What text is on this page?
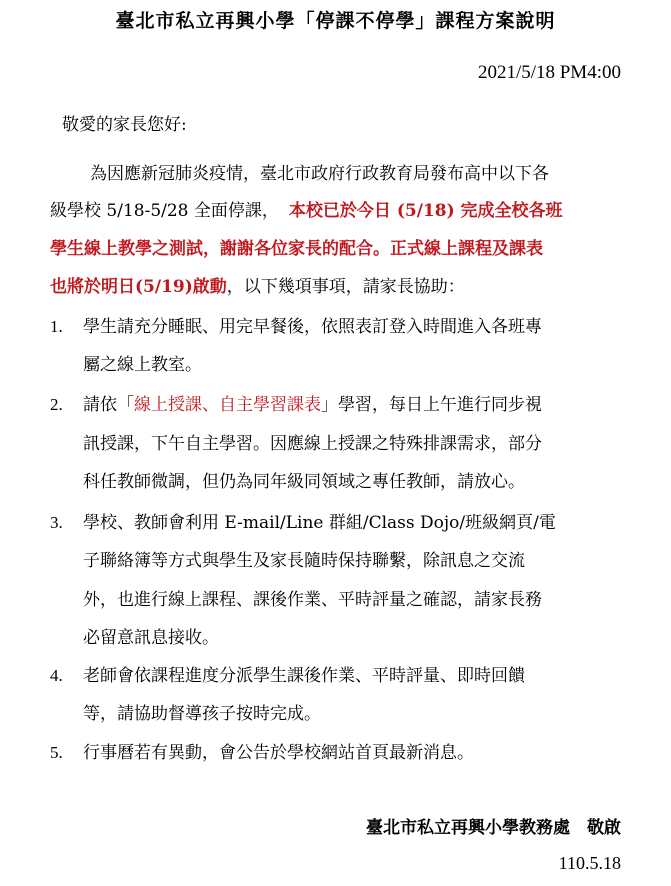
臺北市私立再興小學「停課不停學」課程方案說明
2021/5/18 PM4:00
敬愛的家長您好:
為因應新冠肺炎疫情，臺北市政府行政教育局發布高中以下各
級學校 5/18-5/28 全面停課， 本校已於今日 (5/18) 完成全校各班
學生線上教學之測試，謝謝各位家長的配合。正式線上課程及課表
也將於明日(5/19)啟動，以下幾項事項，請家長協助：
1. 學生請充分睡眠、用完早餐後，依照表訂登入時間進入各班專
屬之線上教室。
2. 請依「線上授課、自主學習課表」學習，每日上午進行同步視
訊授課，下午自主學習。因應線上授課之特殊排課需求，部分
科任教師微調，但仍為同年級同領域之專任教師，請放心。
3. 學校、教師會利用 E-mail/Line 群組/Class Dojo/班級網頁/電
子聯絡簿等方式與學生及家長隨時保持聯繫，除訊息之交流
外，也進行線上課程、課後作業、平時評量之確認，請家長務
必留意訊息接收。
4. 老師會依課程進度分派學生課後作業、平時評量、即時回饋
等，請協助督導孩子按時完成。
5. 行事曆若有異動，會公告於學校網站首頁最新消息。
臺北市私立再興小學教務處　敬啟
110.5.18
